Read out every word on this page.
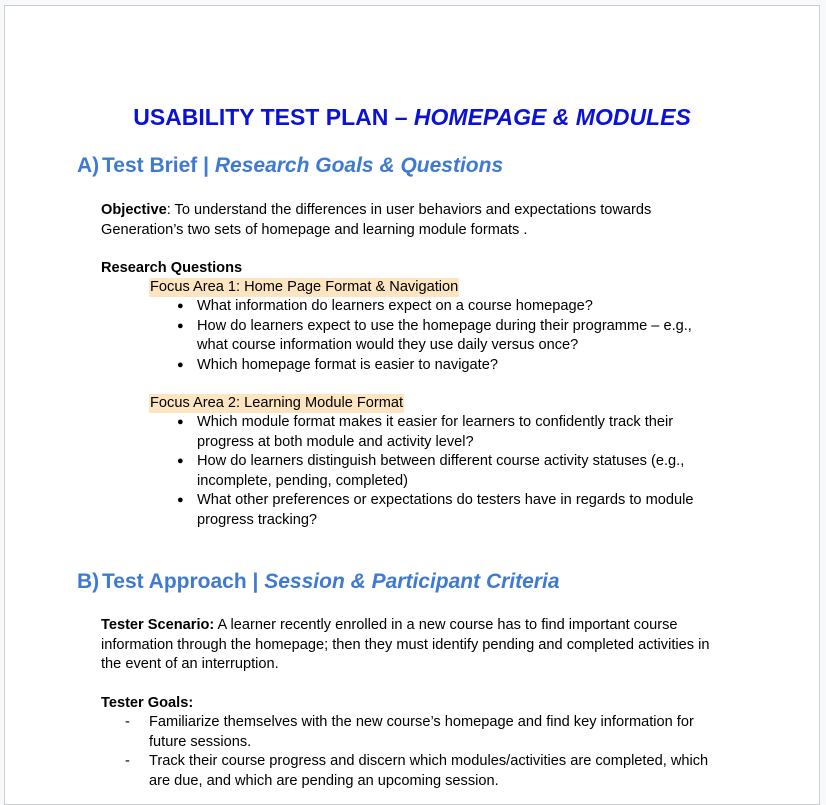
USABILITY TEST PLAN – HOMEPAGE & MODULES
A) Test Brief | Research Goals & Questions
Objective: To understand the differences in user behaviors and expectations towards Generation’s two sets of homepage and learning module formats .
Research Questions
Focus Area 1: Home Page Format & Navigation
● What information do learners expect on a course homepage?
● How do learners expect to use the homepage during their programme – e.g., what course information would they use daily versus once?
● Which homepage format is easier to navigate?
Focus Area 2: Learning Module Format
● Which module format makes it easier for learners to confidently track their progress at both module and activity level?
● How do learners distinguish between different course activity statuses (e.g., incomplete, pending, completed)
● What other preferences or expectations do testers have in regards to module progress tracking?
B) Test Approach | Session & Participant Criteria
Tester Scenario: A learner recently enrolled in a new course has to find important course information through the homepage; then they must identify pending and completed activities in the event of an interruption.
Tester Goals:
- Familiarize themselves with the new course’s homepage and find key information for future sessions.
- Track their course progress and discern which modules/activities are completed, which are due, and which are pending an upcoming session.
